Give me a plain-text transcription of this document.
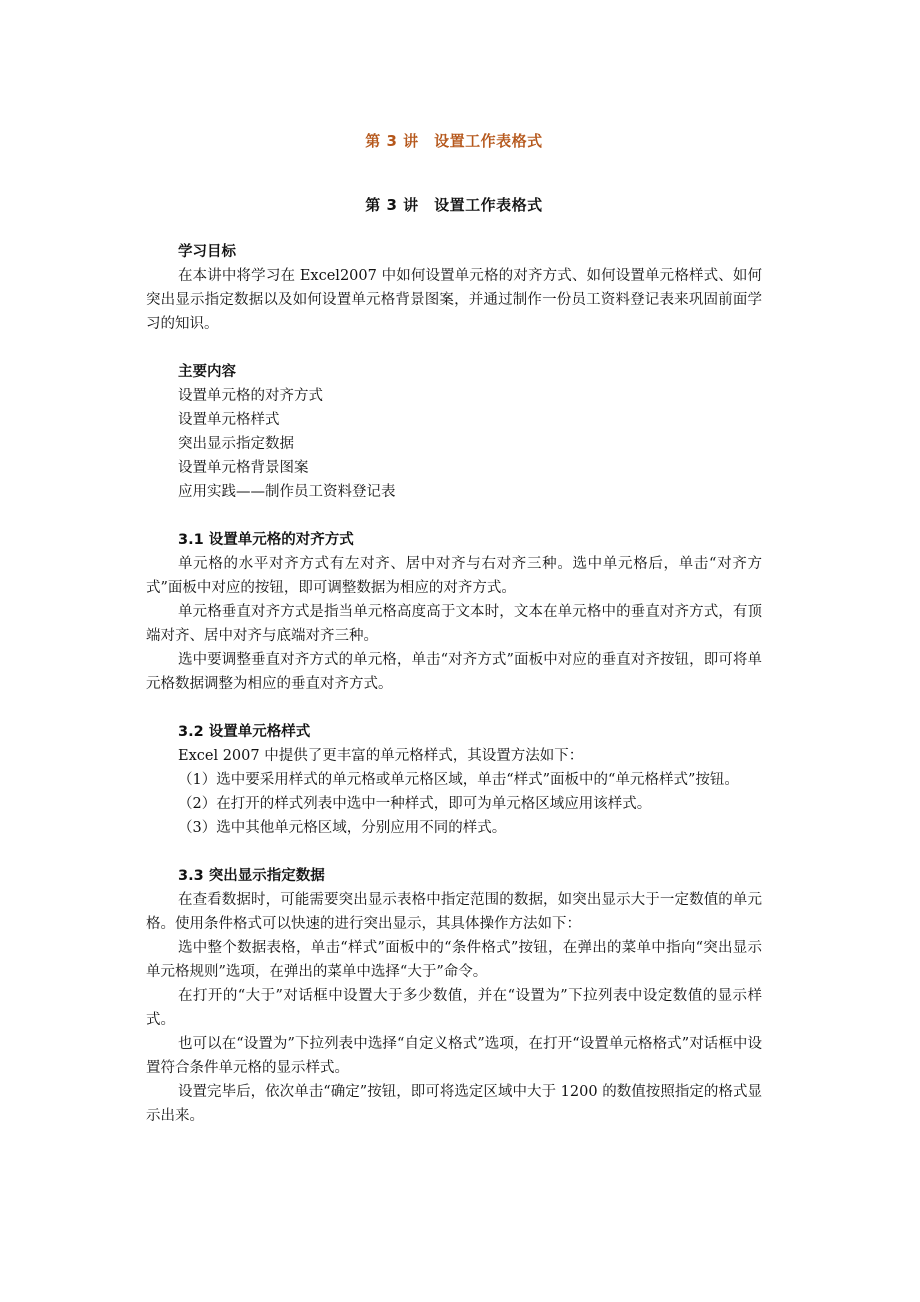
第 3 讲　设置工作表格式
第 3 讲　设置工作表格式

学习目标

在本讲中将学习在 Excel2007 中如何设置单元格的对齐方式、如何设置单元格样式、如何突出显示指定数据以及如何设置单元格背景图案，并通过制作一份员工资料登记表来巩固前面学习的知识。

主要内容

设置单元格的对齐方式

设置单元格样式

突出显示指定数据

设置单元格背景图案

应用实践——制作员工资料登记表

3.1 设置单元格的对齐方式

单元格的水平对齐方式有左对齐、居中对齐与右对齐三种。选中单元格后，单击“对齐方式”面板中对应的按钮，即可调整数据为相应的对齐方式。

单元格垂直对齐方式是指当单元格高度高于文本时，文本在单元格中的垂直对齐方式，有顶端对齐、居中对齐与底端对齐三种。

选中要调整垂直对齐方式的单元格，单击“对齐方式”面板中对应的垂直对齐按钮，即可将单元格数据调整为相应的垂直对齐方式。

3.2 设置单元格样式

Excel 2007 中提供了更丰富的单元格样式，其设置方法如下：

（1）选中要采用样式的单元格或单元格区域，单击“样式”面板中的“单元格样式”按钮。

（2）在打开的样式列表中选中一种样式，即可为单元格区域应用该样式。

（3）选中其他单元格区域，分别应用不同的样式。

3.3 突出显示指定数据

在查看数据时，可能需要突出显示表格中指定范围的数据，如突出显示大于一定数值的单元格。使用条件格式可以快速的进行突出显示，其具体操作方法如下：

选中整个数据表格，单击“样式”面板中的“条件格式”按钮，在弹出的菜单中指向“突出显示单元格规则”选项，在弹出的菜单中选择“大于”命令。

在打开的“大于”对话框中设置大于多少数值，并在“设置为”下拉列表中设定数值的显示样式。

也可以在“设置为”下拉列表中选择“自定义格式”选项，在打开“设置单元格格式”对话框中设置符合条件单元格的显示样式。

设置完毕后，依次单击“确定”按钮，即可将选定区域中大于 1200 的数值按照指定的格式显示出来。
